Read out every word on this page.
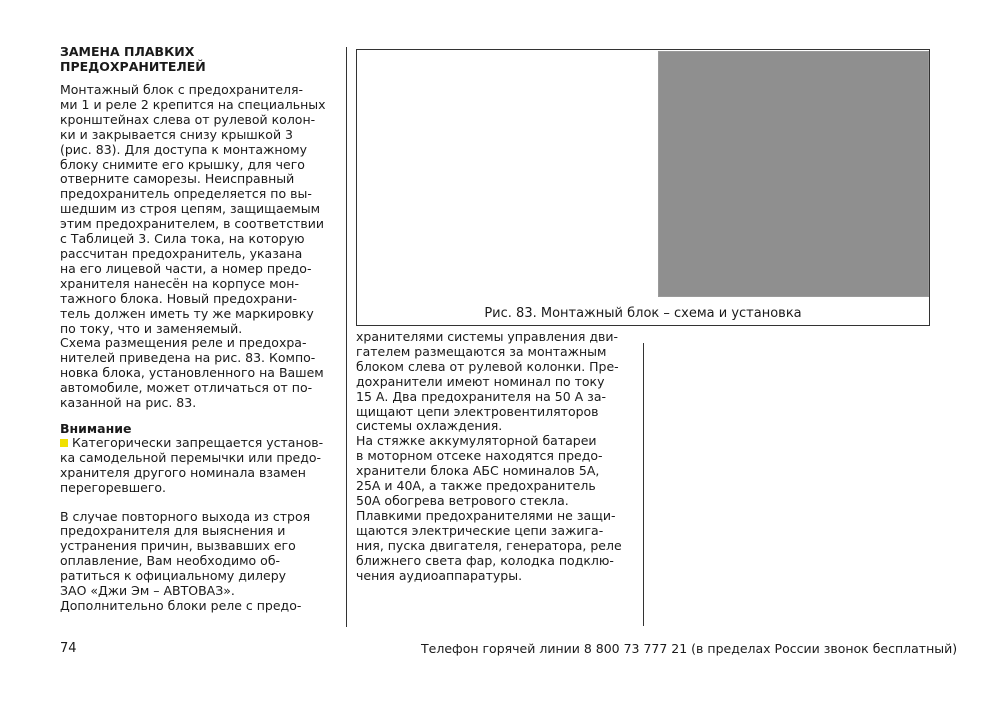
ЗАМЕНА ПЛАВКИХ
ПРЕДОХРАНИТЕЛЕЙ

Монтажный блок с предохранителя-

ми 1 и реле 2 крепится на специальных

кронштейнах слева от рулевой колон-

ки и закрывается снизу крышкой 3

(рис. 83). Для доступа к монтажному

блоку снимите его крышку, для чего

отверните саморезы. Неисправный

предохранитель определяется по вы-

шедшим из строя цепям, защищаемым

этим предохранителем, в соответствии

с Таблицей 3. Сила тока, на которую

рассчитан предохранитель, указана

на его лицевой части, а номер предо-

хранителя нанесён на корпусе мон-

тажного блока. Новый предохрани-

тель должен иметь ту же маркировку

по току, что и заменяемый.

Схема размещения реле и предохра-

нителей приведена на рис. 83. Компо-

новка блока, установленного на Вашем

автомобиле, может отличаться от по-

казанной на рис. 83.

Внимание

Категорически запрещается установ-

ка самодельной перемычки или предо-

хранителя другого номинала взамен

перегоревшего.

В случае повторного выхода из строя

предохранителя для выяснения и

устранения причин, вызвавших его

оплавление, Вам необходимо об-

ратиться к официальному дилеру

ЗАО «Джи Эм – АВТОВАЗ».

Дополнительно блоки реле с предо-

Рис. 83. Монтажный блок – схема и установка

хранителями системы управления дви-

гателем размещаются за монтажным

блоком слева от рулевой колонки. Пре-

дохранители имеют номинал по току

15 А. Два предохранителя на 50 А за-

щищают цепи электровентиляторов

системы охлаждения.

На стяжке аккумуляторной батареи

в моторном отсеке находятся предо-

хранители блока АБС номиналов 5А,

25А и 40А, а также предохранитель

50А обогрева ветрового стекла.

Плавкими предохранителями не защи-

щаются электрические цепи зажига-

ния, пуска двигателя, генератора, реле

ближнего света фар, колодка подклю-

чения аудиоаппаратуры.

74	Телефон горячей линии 8 800 73 777 21 (в пределах России звонок бесплатный)
